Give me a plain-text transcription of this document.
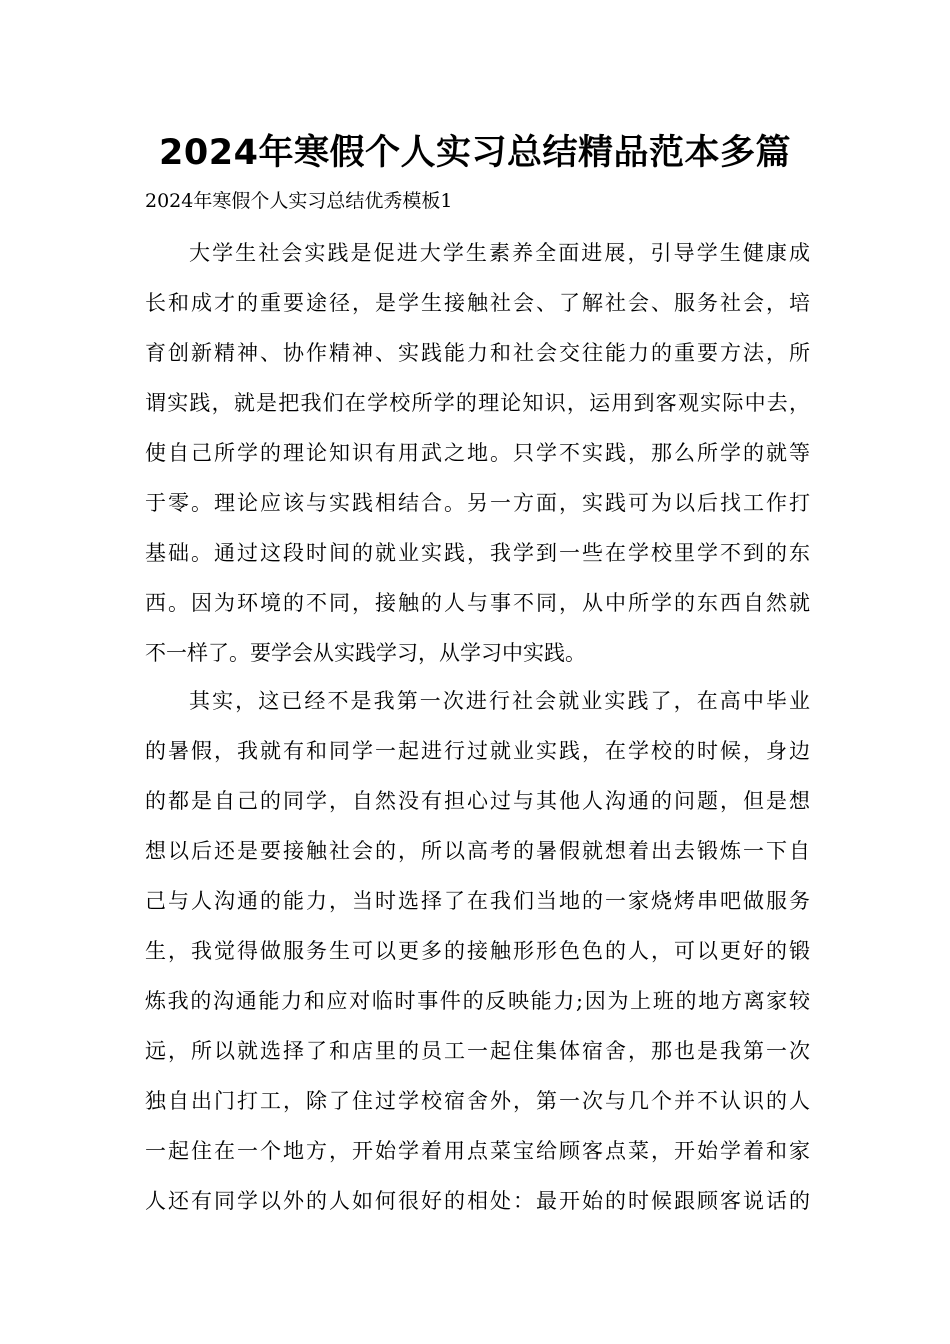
2024年寒假个人实习总结精品范本多篇

2024年寒假个人实习总结优秀模板1

大学生社会实践是促进大学生素养全面进展，引导学生健康成
长和成才的重要途径，是学生接触社会、了解社会、服务社会，培
育创新精神、协作精神、实践能力和社会交往能力的重要方法，所
谓实践，就是把我们在学校所学的理论知识，运用到客观实际中去，
使自己所学的理论知识有用武之地。只学不实践，那么所学的就等
于零。理论应该与实践相结合。另一方面，实践可为以后找工作打
基础。通过这段时间的就业实践，我学到一些在学校里学不到的东
西。因为环境的不同，接触的人与事不同，从中所学的东西自然就
不一样了。要学会从实践学习，从学习中实践。
其实，这已经不是我第一次进行社会就业实践了，在高中毕业
的暑假，我就有和同学一起进行过就业实践，在学校的时候，身边
的都是自己的同学，自然没有担心过与其他人沟通的问题，但是想
想以后还是要接触社会的，所以高考的暑假就想着出去锻炼一下自
己与人沟通的能力，当时选择了在我们当地的一家烧烤串吧做服务
生，我觉得做服务生可以更多的接触形形色色的人，可以更好的锻
炼我的沟通能力和应对临时事件的反映能力;因为上班的地方离家较
远，所以就选择了和店里的员工一起住集体宿舍，那也是我第一次
独自出门打工，除了住过学校宿舍外，第一次与几个并不认识的人
一起住在一个地方，开始学着用点菜宝给顾客点菜，开始学着和家
人还有同学以外的人如何很好的相处：最开始的时候跟顾客说话的
